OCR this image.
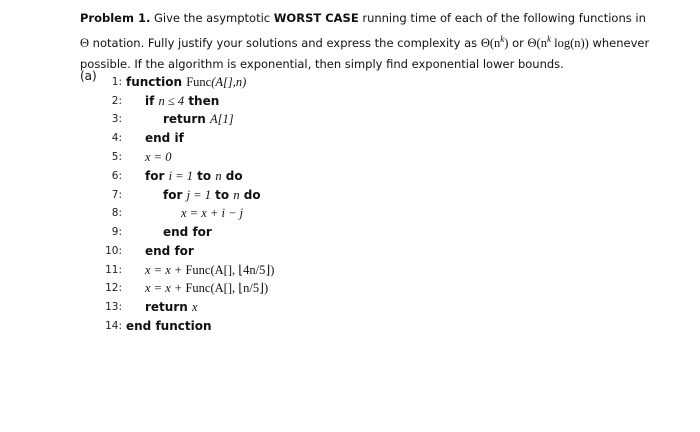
Problem 1. Give the asymptotic WORST CASE running time of each of the following functions in
Θ notation. Fully justify your solutions and express the complexity as $\Theta(n^k)$ or $\Theta(n^k$ log(n)) whenever
possible. If the algorithm is exponential, then simply find exponential lower bounds.
(a)	1: function Func(A[],n)
2: if n ≤ 4 then
3:	return A[1]
4: end if
5: x = 0
6: for i = 1 to n do
7:	for j = 1 to n do
8:	x = x + i − j
9:	end for
10: end for
11: x = x + Func(A[], ⌊4n/5⌋)
12: x = x + Func(A[], ⌊n/5⌋)
13: return x
14: end function
